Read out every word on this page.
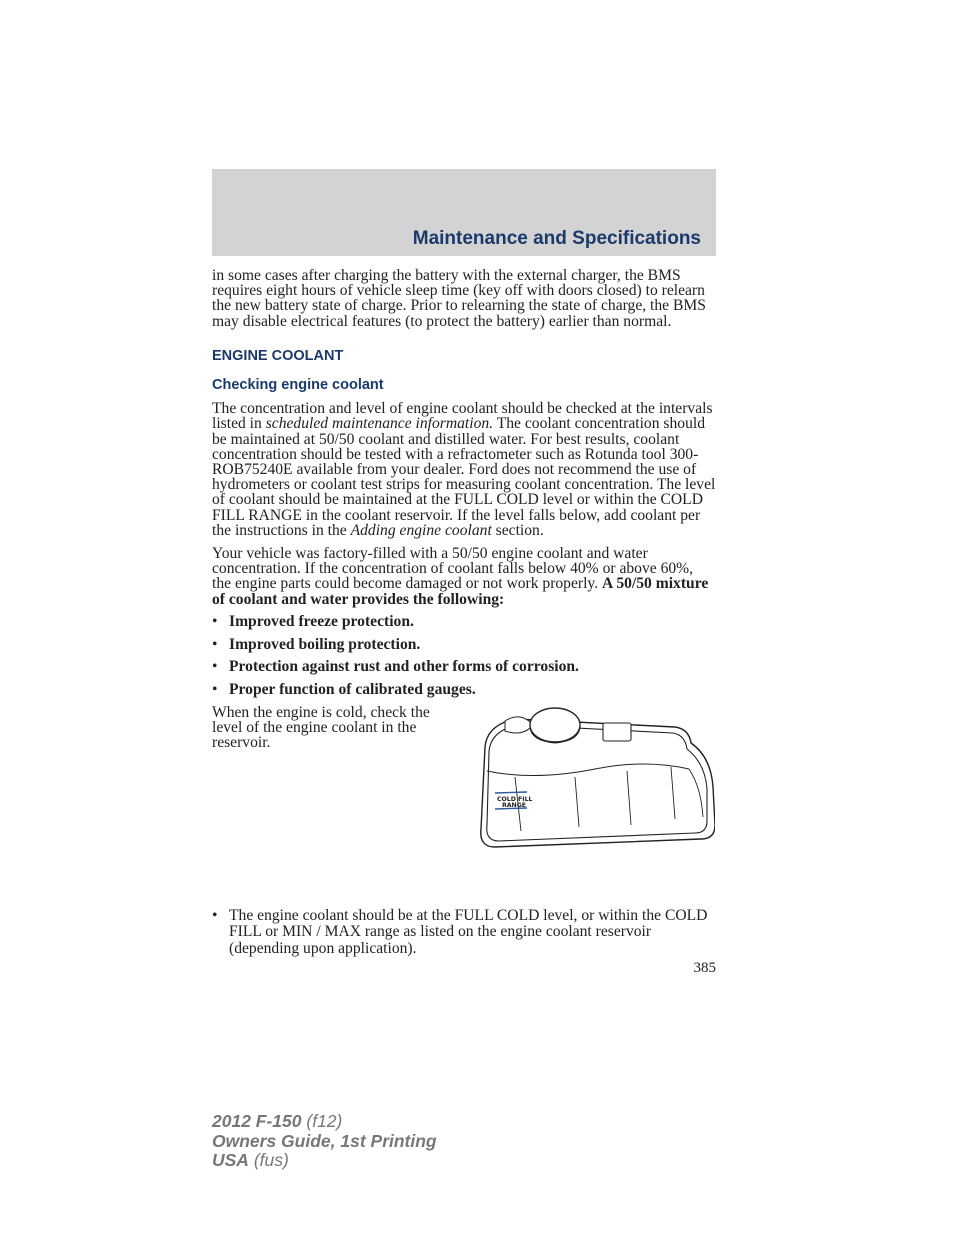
Maintenance and Specifications

in some cases after charging the battery with the external charger, the BMS requires eight hours of vehicle sleep time (key off with doors closed) to relearn the new battery state of charge. Prior to relearning the state of charge, the BMS may disable electrical features (to protect the battery) earlier than normal.

ENGINE COOLANT
Checking engine coolant

The concentration and level of engine coolant should be checked at the intervals listed in scheduled maintenance information. The coolant concentration should be maintained at 50/50 coolant and distilled water. For best results, coolant concentration should be tested with a refractometer such as Rotunda tool 300-ROB75240E available from your dealer. Ford does not recommend the use of hydrometers or coolant test strips for measuring coolant concentration. The level of coolant should be maintained at the FULL COLD level or within the COLD FILL RANGE in the coolant reservoir. If the level falls below, add coolant per the instructions in the Adding engine coolant section.

Your vehicle was factory-filled with a 50/50 engine coolant and water concentration. If the concentration of coolant falls below 40% or above 60%, the engine parts could become damaged or not work properly. A 50/50 mixture of coolant and water provides the following:

• Improved freeze protection.
• Improved boiling protection.
• Protection against rust and other forms of corrosion.
• Proper function of calibrated gauges.

When the engine is cold, check the level of the engine coolant in the reservoir.

COLD FILL
RANGE
• The engine coolant should be at the FULL COLD level, or within the COLD FILL or MIN / MAX range as listed on the engine coolant reservoir (depending upon application).
385
2012 F-150 (f12)
Owners Guide, 1st Printing
USA (fus)
